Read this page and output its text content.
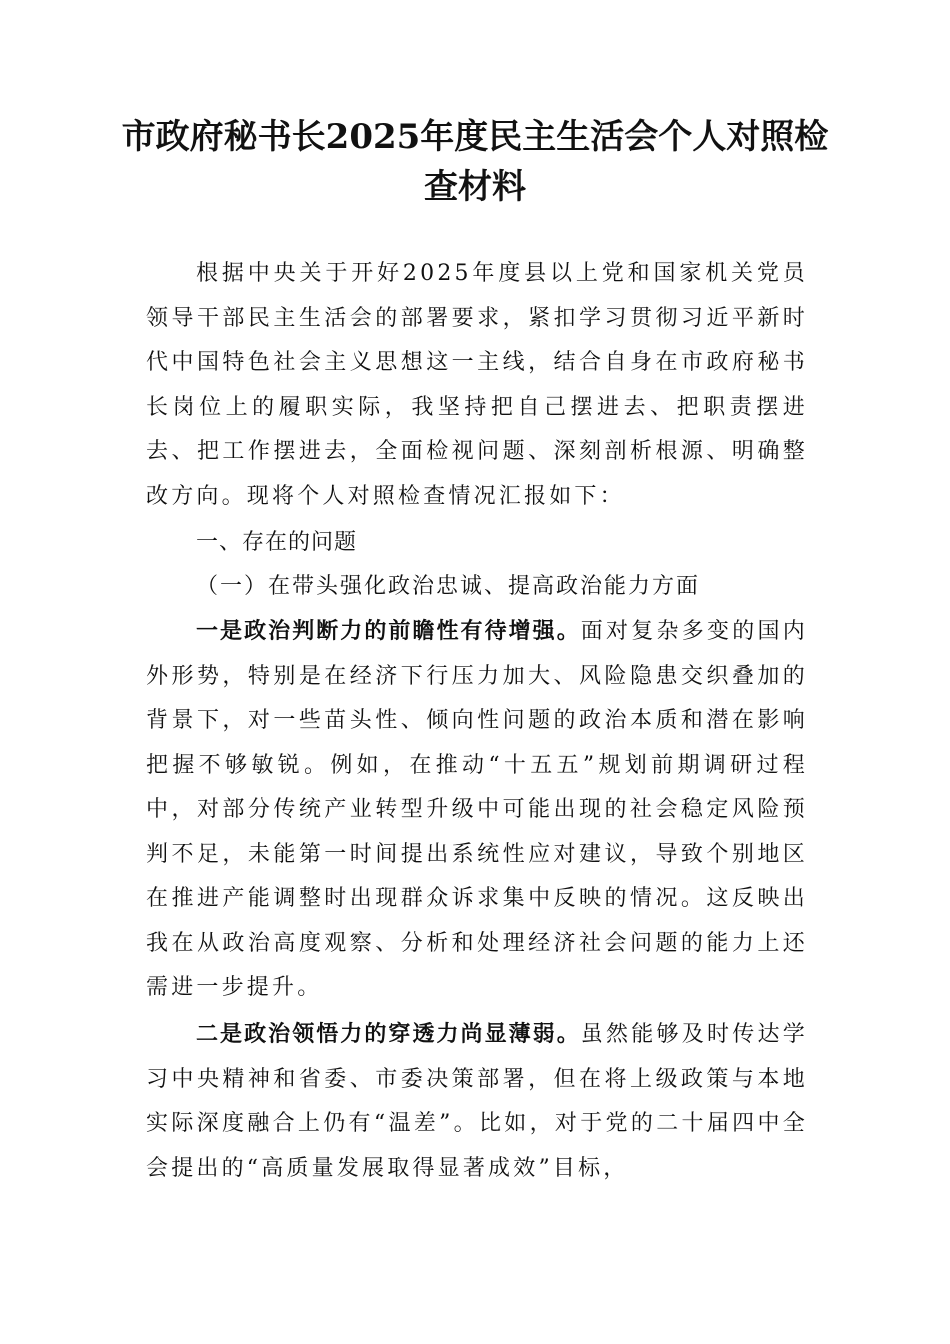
市政府秘书长2025年度民主生活会个人对照检查材料

根据中央关于开好2025年度县以上党和国家机关党员领导干部民主生活会的部署要求，紧扣学习贯彻习近平新时代中国特色社会主义思想这一主线，结合自身在市政府秘书长岗位上的履职实际，我坚持把自己摆进去、把职责摆进去、把工作摆进去，全面检视问题、深刻剖析根源、明确整改方向。现将个人对照检查情况汇报如下：

一、存在的问题

（一）在带头强化政治忠诚、提高政治能力方面

一是政治判断力的前瞻性有待增强。面对复杂多变的国内外形势，特别是在经济下行压力加大、风险隐患交织叠加的背景下，对一些苗头性、倾向性问题的政治本质和潜在影响把握不够敏锐。例如，在推动“十五五”规划前期调研过程中，对部分传统产业转型升级中可能出现的社会稳定风险预判不足，未能第一时间提出系统性应对建议，导致个别地区在推进产能调整时出现群众诉求集中反映的情况。这反映出我在从政治高度观察、分析和处理经济社会问题的能力上还需进一步提升。

二是政治领悟力的穿透力尚显薄弱。虽然能够及时传达学习中央精神和省委、市委决策部署，但在将上级政策与本地实际深度融合上仍有“温差”。比如，对于党的二十届四中全会提出的“高质量发展取得显著成效”目标，
